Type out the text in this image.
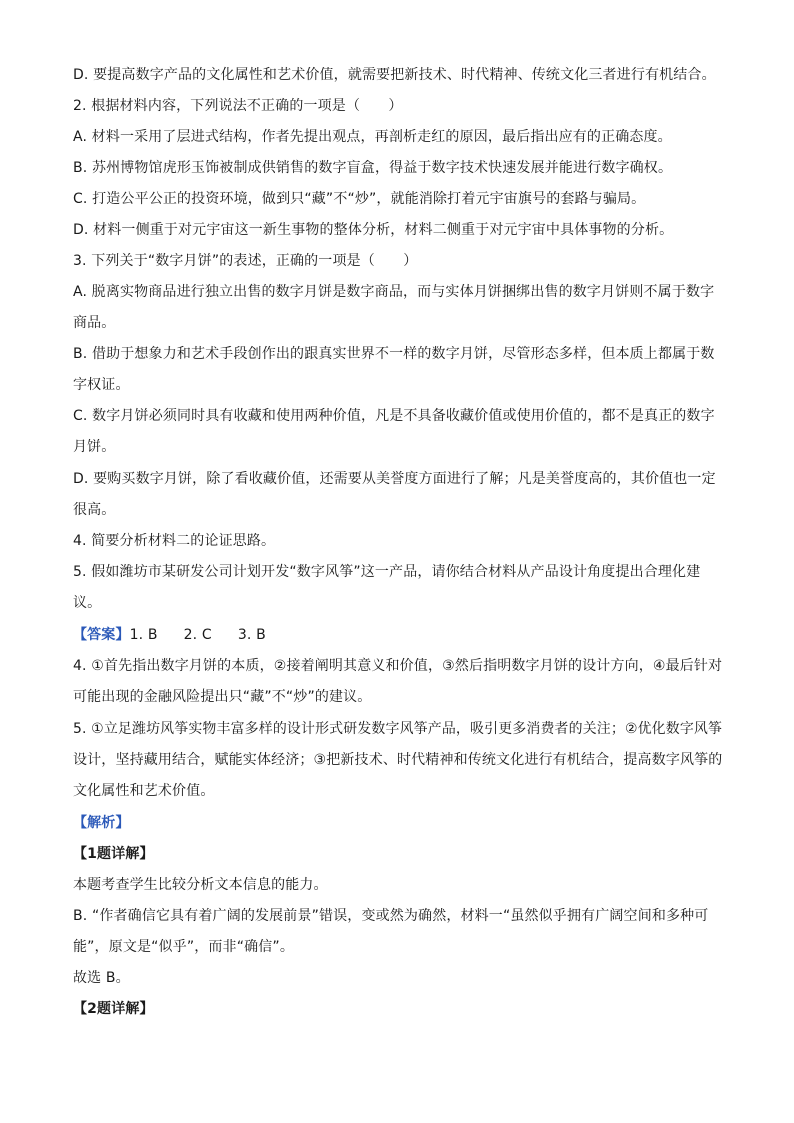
D. 要提高数字产品的文化属性和艺术价值，就需要把新技术、时代精神、传统文化三者进行有机结合。
2. 根据材料内容，下列说法不正确的一项是（　　）
A. 材料一采用了层进式结构，作者先提出观点，再剖析走红的原因，最后指出应有的正确态度。
B. 苏州博物馆虎形玉饰被制成供销售的数字盲盒，得益于数字技术快速发展并能进行数字确权。
C. 打造公平公正的投资环境，做到只“藏”不“炒”，就能消除打着元宇宙旗号的套路与骗局。
D. 材料一侧重于对元宇宙这一新生事物的整体分析，材料二侧重于对元宇宙中具体事物的分析。
3. 下列关于“数字月饼”的表述，正确的一项是（　　）
A. 脱离实物商品进行独立出售的数字月饼是数字商品，而与实体月饼捆绑出售的数字月饼则不属于数字
商品。
B. 借助于想象力和艺术手段创作出的跟真实世界不一样的数字月饼，尽管形态多样，但本质上都属于数
字权证。
C. 数字月饼必须同时具有收藏和使用两种价值，凡是不具备收藏价值或使用价值的，都不是真正的数字
月饼。
D. 要购买数字月饼，除了看收藏价值，还需要从美誉度方面进行了解；凡是美誉度高的，其价值也一定
很高。
4. 简要分析材料二的论证思路。
5. 假如潍坊市某研发公司计划开发“数字风筝”这一产品，请你结合材料从产品设计角度提出合理化建
议。
【答案】1. B 2. C 3. B
4. ①首先指出数字月饼的本质，②接着阐明其意义和价值，③然后指明数字月饼的设计方向，④最后针对
可能出现的金融风险提出只“藏”不“炒”的建议。
5. ①立足潍坊风筝实物丰富多样的设计形式研发数字风筝产品，吸引更多消费者的关注；②优化数字风筝
设计，坚持藏用结合，赋能实体经济；③把新技术、时代精神和传统文化进行有机结合，提高数字风筝的
文化属性和艺术价值。
【解析】
【1题详解】
本题考查学生比较分析文本信息的能力。
B. “作者确信它具有着广阔的发展前景”错误，变或然为确然，材料一“虽然似乎拥有广阔空间和多种可
能”，原文是“似乎”，而非“确信”。
故选 B。
【2题详解】
